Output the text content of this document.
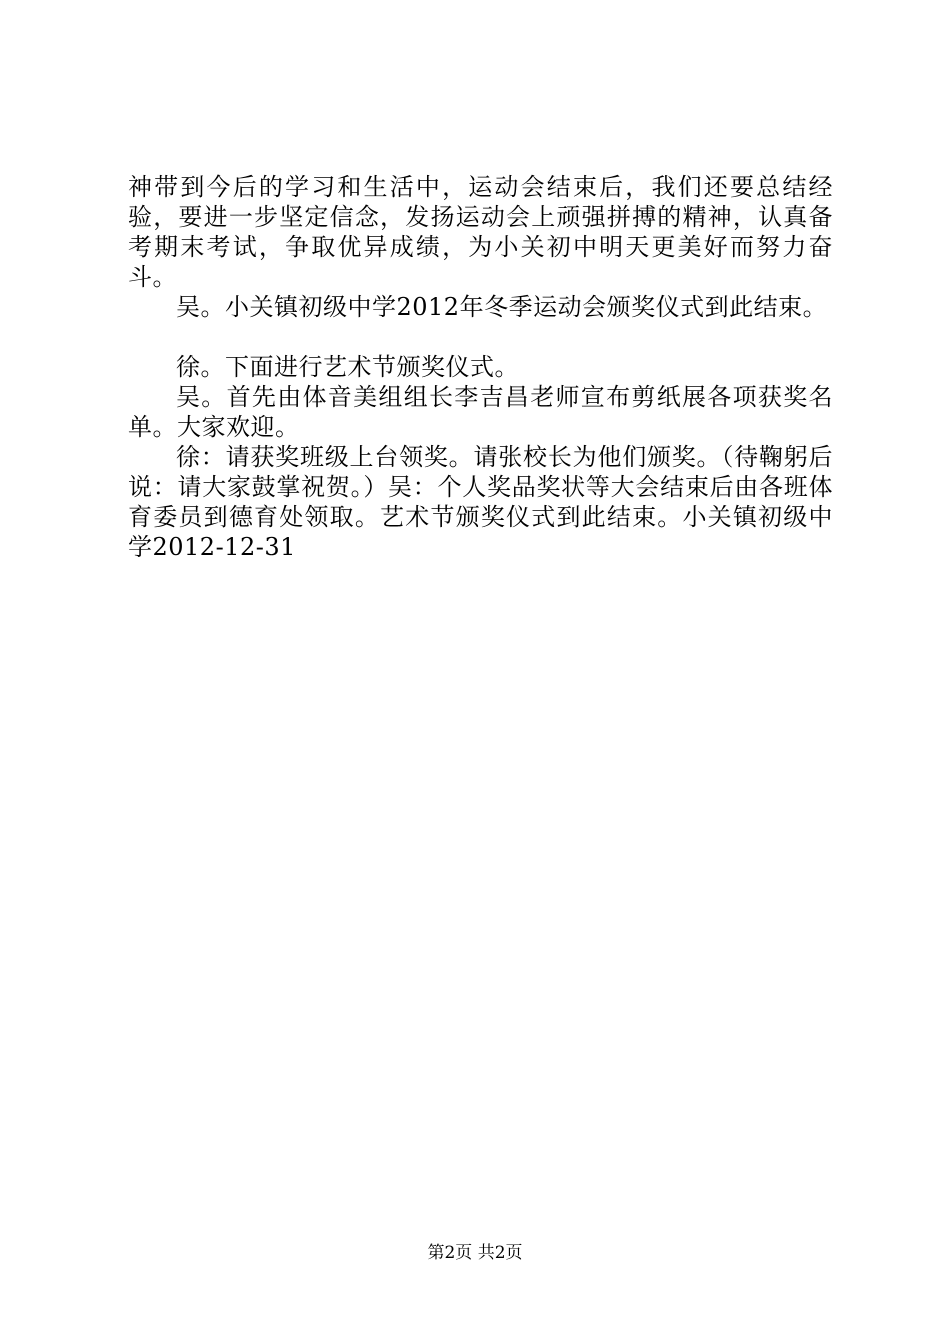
神带到今后的学习和生活中，运动会结束后，我们还要总结经验，要进一步坚定信念，发扬运动会上顽强拼搏的精神，认真备考期末考试，争取优异成绩，为小关初中明天更美好而努力奋斗。

吴。小关镇初级中学2012年冬季运动会颁奖仪式到此结束。

徐。下面进行艺术节颁奖仪式。

吴。首先由体音美组组长李吉昌老师宣布剪纸展各项获奖名单。大家欢迎。

徐：请获奖班级上台领奖。请张校长为他们颁奖。（待鞠躬后说：请大家鼓掌祝贺。）吴：个人奖品奖状等大会结束后由各班体育委员到德育处领取。艺术节颁奖仪式到此结束。小关镇初级中学2012-12-31

第2页 共2页
